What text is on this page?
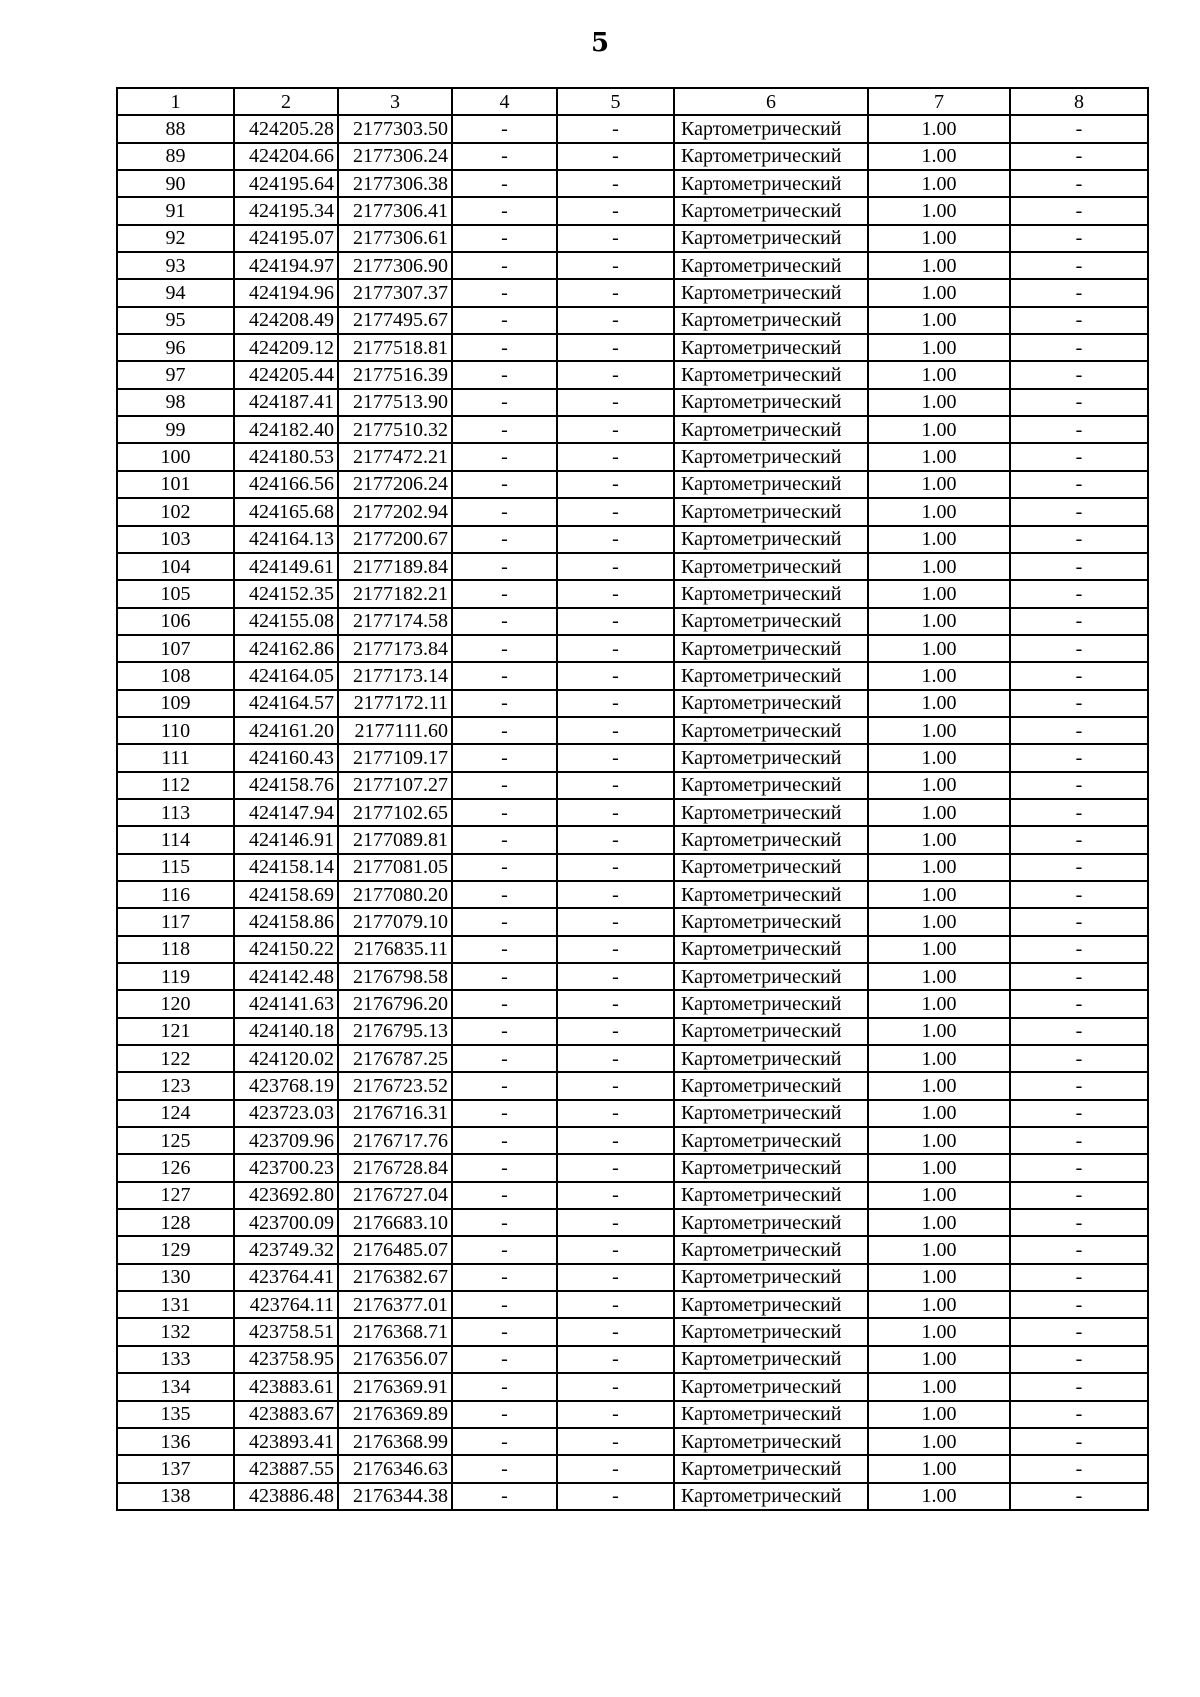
5
1	2	3	4	5	6	7	8
88	424205.28	2177303.50	-	-	Картометрический	1.00	-
89	424204.66	2177306.24	-	-	Картометрический	1.00	-
90	424195.64	2177306.38	-	-	Картометрический	1.00	-
91	424195.34	2177306.41	-	-	Картометрический	1.00	-
92	424195.07	2177306.61	-	-	Картометрический	1.00	-
93	424194.97	2177306.90	-	-	Картометрический	1.00	-
94	424194.96	2177307.37	-	-	Картометрический	1.00	-
95	424208.49	2177495.67	-	-	Картометрический	1.00	-
96	424209.12	2177518.81	-	-	Картометрический	1.00	-
97	424205.44	2177516.39	-	-	Картометрический	1.00	-
98	424187.41	2177513.90	-	-	Картометрический	1.00	-
99	424182.40	2177510.32	-	-	Картометрический	1.00	-
100	424180.53	2177472.21	-	-	Картометрический	1.00	-
101	424166.56	2177206.24	-	-	Картометрический	1.00	-
102	424165.68	2177202.94	-	-	Картометрический	1.00	-
103	424164.13	2177200.67	-	-	Картометрический	1.00	-
104	424149.61	2177189.84	-	-	Картометрический	1.00	-
105	424152.35	2177182.21	-	-	Картометрический	1.00	-
106	424155.08	2177174.58	-	-	Картометрический	1.00	-
107	424162.86	2177173.84	-	-	Картометрический	1.00	-
108	424164.05	2177173.14	-	-	Картометрический	1.00	-
109	424164.57	2177172.11	-	-	Картометрический	1.00	-
110	424161.20	2177111.60	-	-	Картометрический	1.00	-
111	424160.43	2177109.17	-	-	Картометрический	1.00	-
112	424158.76	2177107.27	-	-	Картометрический	1.00	-
113	424147.94	2177102.65	-	-	Картометрический	1.00	-
114	424146.91	2177089.81	-	-	Картометрический	1.00	-
115	424158.14	2177081.05	-	-	Картометрический	1.00	-
116	424158.69	2177080.20	-	-	Картометрический	1.00	-
117	424158.86	2177079.10	-	-	Картометрический	1.00	-
118	424150.22	2176835.11	-	-	Картометрический	1.00	-
119	424142.48	2176798.58	-	-	Картометрический	1.00	-
120	424141.63	2176796.20	-	-	Картометрический	1.00	-
121	424140.18	2176795.13	-	-	Картометрический	1.00	-
122	424120.02	2176787.25	-	-	Картометрический	1.00	-
123	423768.19	2176723.52	-	-	Картометрический	1.00	-
124	423723.03	2176716.31	-	-	Картометрический	1.00	-
125	423709.96	2176717.76	-	-	Картометрический	1.00	-
126	423700.23	2176728.84	-	-	Картометрический	1.00	-
127	423692.80	2176727.04	-	-	Картометрический	1.00	-
128	423700.09	2176683.10	-	-	Картометрический	1.00	-
129	423749.32	2176485.07	-	-	Картометрический	1.00	-
130	423764.41	2176382.67	-	-	Картометрический	1.00	-
131	423764.11	2176377.01	-	-	Картометрический	1.00	-
132	423758.51	2176368.71	-	-	Картометрический	1.00	-
133	423758.95	2176356.07	-	-	Картометрический	1.00	-
134	423883.61	2176369.91	-	-	Картометрический	1.00	-
135	423883.67	2176369.89	-	-	Картометрический	1.00	-
136	423893.41	2176368.99	-	-	Картометрический	1.00	-
137	423887.55	2176346.63	-	-	Картометрический	1.00	-
138	423886.48	2176344.38	-	-	Картометрический	1.00	-
